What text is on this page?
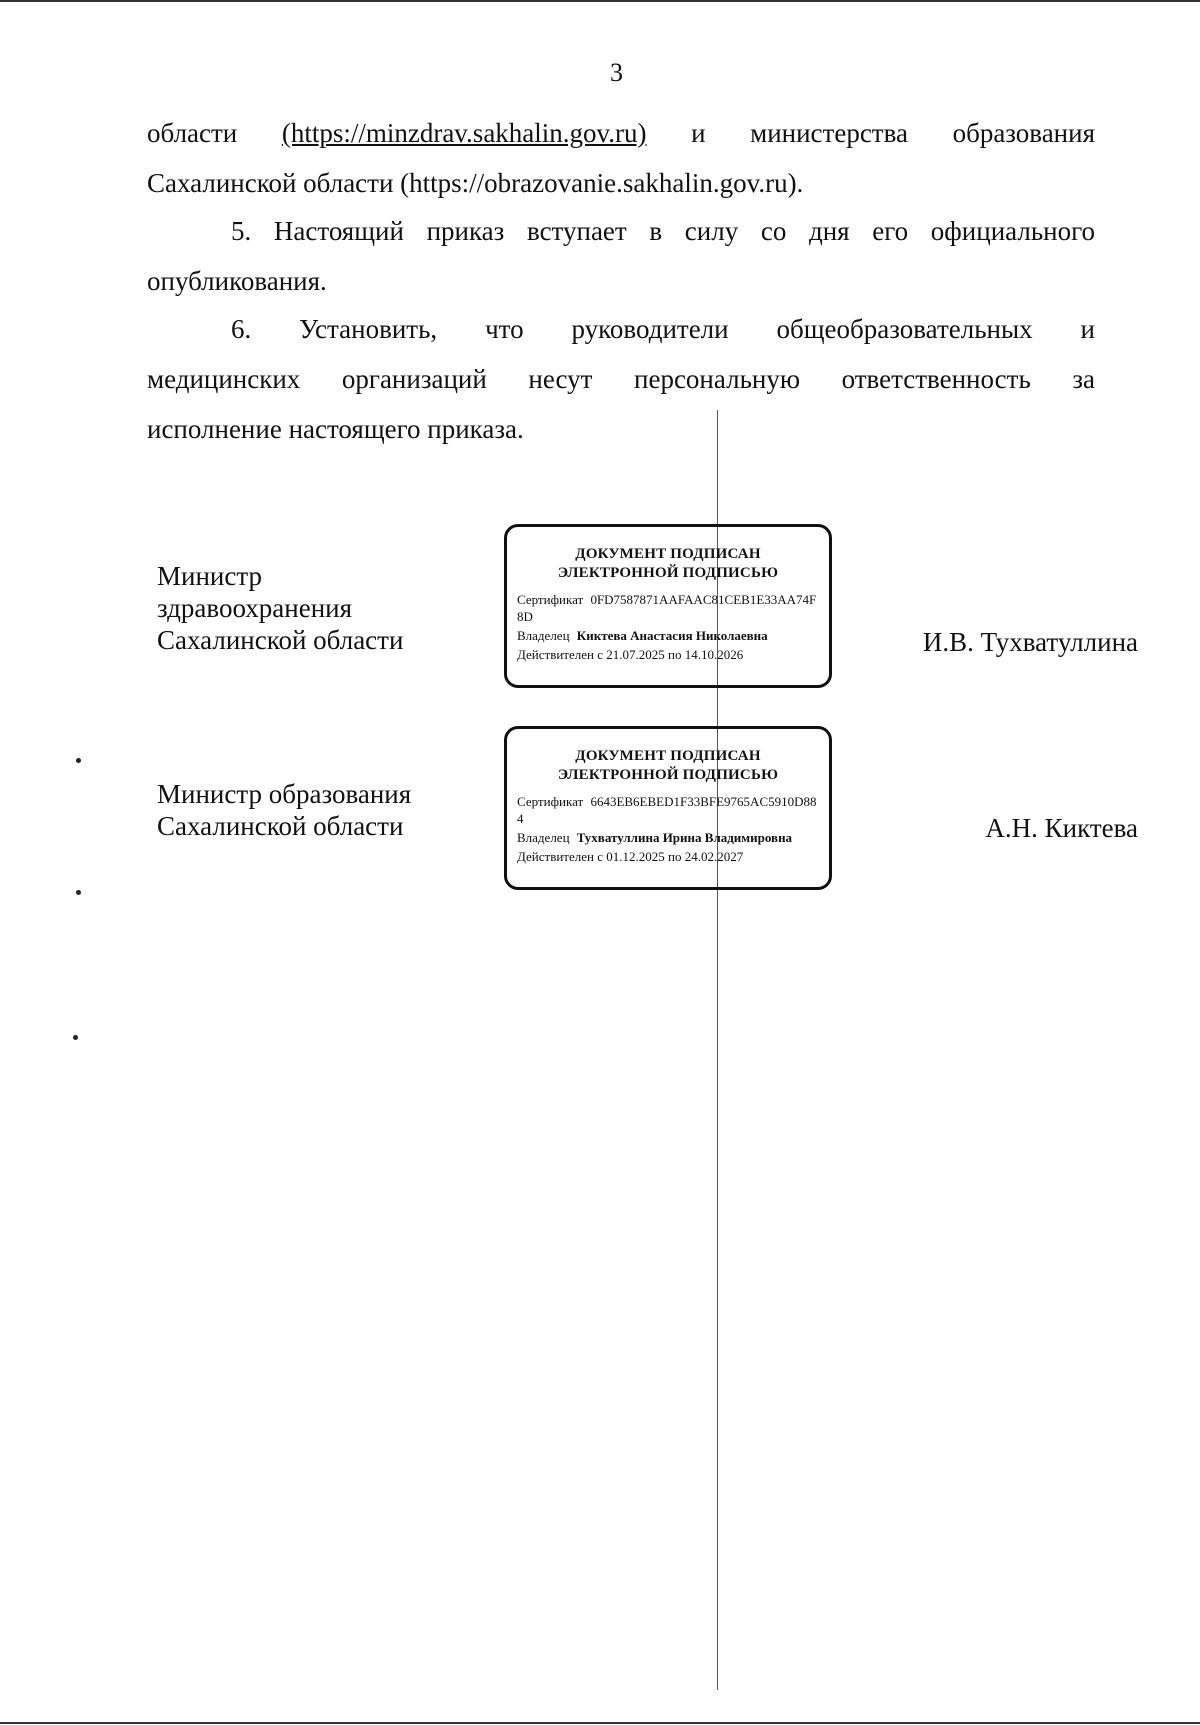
3
области (https://minzdrav.sakhalin.gov.ru) и министерства образования
Сахалинской области (https://obrazovanie.sakhalin.gov.ru).
5. Настоящий приказ вступает в силу со дня его официального
опубликования.
6. Установить, что руководители общеобразовательных и
медицинских организаций несут персональную ответственность за
исполнение настоящего приказа.
Министр
здравоохранения
Сахалинской области
ДОКУМЕНТ ПОДПИСАН
ЭЛЕКТРОННОЙ ПОДПИСЬЮ
Сертификат 0FD7587871AAFAAC81CEB1E33AA74F8D
Владелец Киктева Анастасия Николаевна
Действителен с 21.07.2025 по 14.10.2026	И.В. Тухватуллина
Министр образования
Сахалинской области
ДОКУМЕНТ ПОДПИСАН
ЭЛЕКТРОННОЙ ПОДПИСЬЮ
Сертификат 6643EB6EBED1F33BFE9765AC5910D884
Владелец Тухватуллина Ирина Владимировна
Действителен с 01.12.2025 по 24.02.2027
А.Н. Киктева
